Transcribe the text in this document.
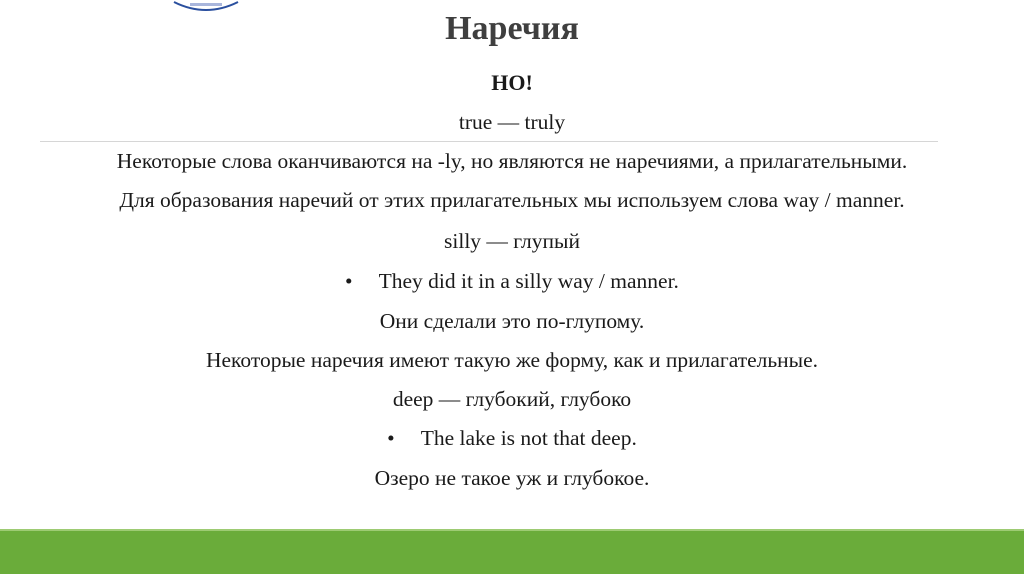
Наречия
НО!
true — truly
Некоторые слова оканчиваются на -ly, но являются не наречиями, а прилагательными.
Для образования наречий от этих прилагательных мы используем слова way / manner.
silly — глупый
• They did it in a silly way / manner.
Они сделали это по-глупому.
Некоторые наречия имеют такую же форму, как и прилагательные.
deep — глубокий, глубоко
• The lake is not that deep.
Озеро не такое уж и глубокое.
